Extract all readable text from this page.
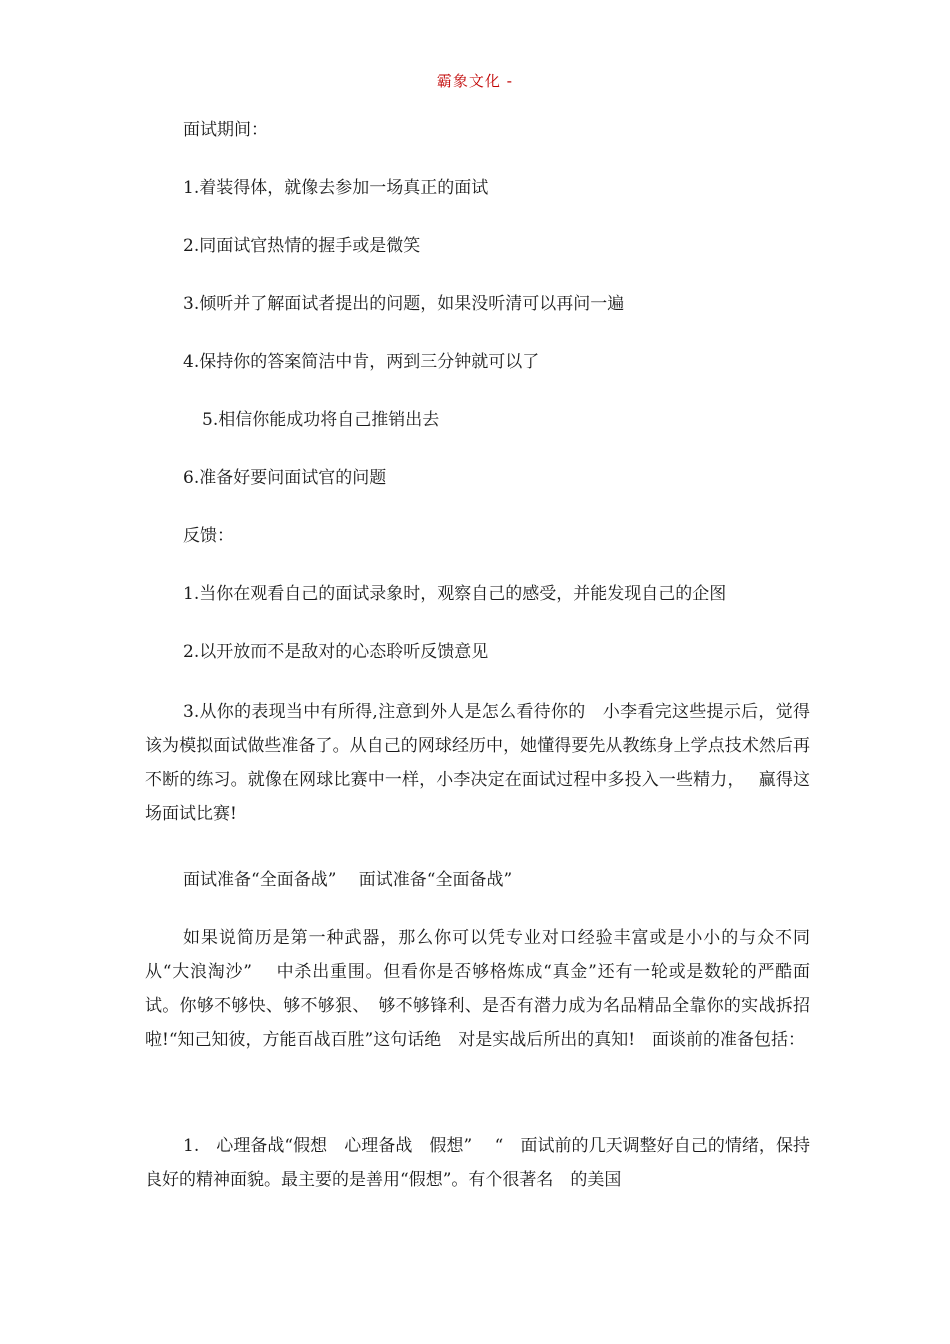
霸象文化 -
面试期间：
1.着装得体，就像去参加一场真正的面试
2.同面试官热情的握手或是微笑
3.倾听并了解面试者提出的问题，如果没听清可以再问一遍
4.保持你的答案简洁中肯，两到三分钟就可以了
5.相信你能成功将自己推销出去
6.准备好要问面试官的问题
反馈：
1.当你在观看自己的面试录象时，观察自己的感受，并能发现自己的企图
2.以开放而不是敌对的心态聆听反馈意见
3.从你的表现当中有所得,注意到外人是怎么看待你的　小李看完这些提示后，觉得该为模拟面试做些准备了。从自己的网球经历中，她懂得要先从教练身上学点技术然后再不断的练习。就像在网球比赛中一样，小李决定在面试过程中多投入一些精力，　 赢得这场面试比赛!
面试准备“全面备战”　 面试准备“全面备战”
如果说简历是第一种武器，那么你可以凭专业对口经验丰富或是小小的与众不同从“大浪淘沙”　 中杀出重围。但看你是否够格炼成“真金”还有一轮或是数轮的严酷面试。你够不够快、够不够狠、　够不够锋利、是否有潜力成为名品精品全靠你的实战拆招啦!“知己知彼，方能百战百胜”这句话绝　对是实战后所出的真知!　面谈前的准备包括：
1.　心理备战“假想　心理备战　假想”　 “　面试前的几天调整好自己的情绪，保持良好的精神面貌。最主要的是善用“假想”。有个很著名　的美国
